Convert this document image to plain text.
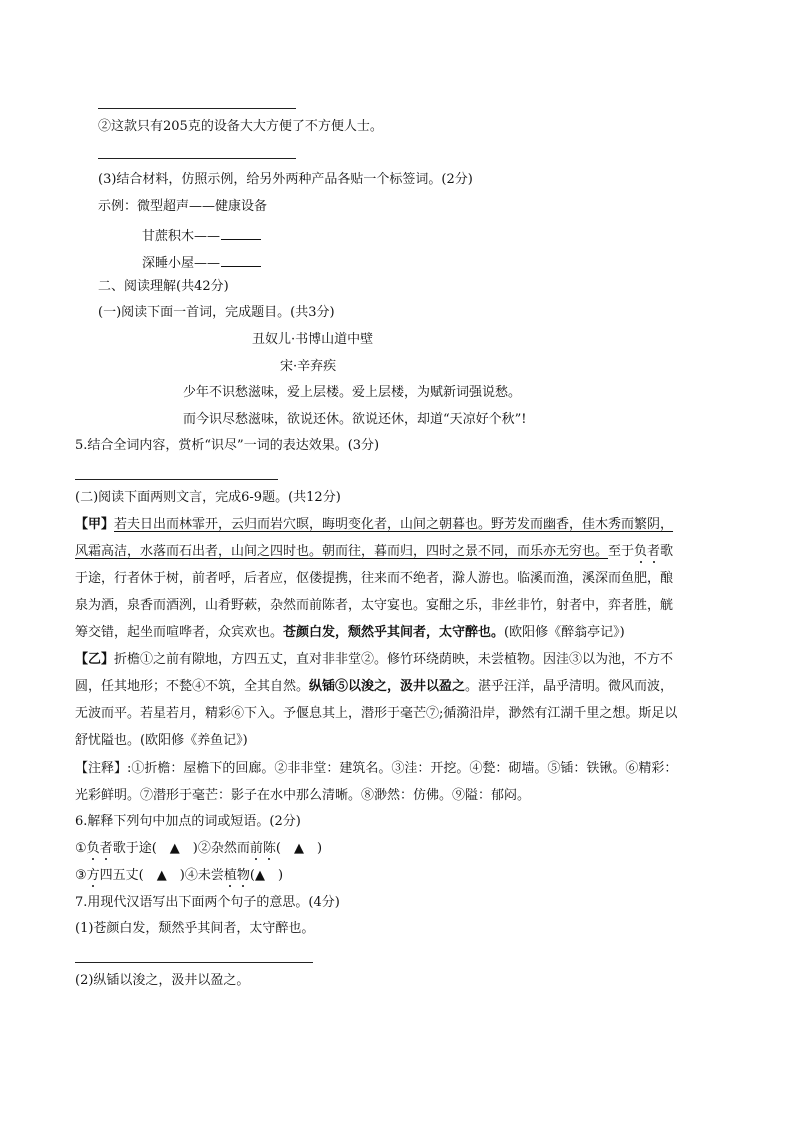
②这款只有205克的设备大大方便了不方便人士。
(3)结合材料，仿照示例，给另外两种产品各贴一个标签词。(2分)
示例：微型超声——健康设备
甘蔗积木——
深睡小屋——
二、阅读理解(共42分)
(一)阅读下面一首词，完成题目。(共3分)
丑奴儿·书博山道中壁
宋·辛弃疾
少年不识愁滋味，爱上层楼。爱上层楼，为赋新词强说愁。
而今识尽愁滋味，欲说还休。欲说还休，却道“天凉好个秋”!
5.结合全词内容，赏析“识尽”一词的表达效果。(3分)
(二)阅读下面两则文言，完成6-9题。(共12分)
【甲】若夫日出而林霏开，云归而岩穴暝，晦明变化者，山间之朝暮也。野芳发而幽香，佳木秀而繁阴，
风霜高洁，水落而石出者，山间之四时也。朝而往，暮而归，四时之景不同，而乐亦无穷也。至于负者歌
于途，行者休于树，前者呼，后者应，伛偻提携，往来而不绝者，滁人游也。临溪而渔，溪深而鱼肥，酿
泉为酒，泉香而酒洌，山肴野蔌，杂然而前陈者，太守宴也。宴酣之乐，非丝非竹，射者中，弈者胜，觥
筹交错，起坐而喧哗者，众宾欢也。苍颜白发，颓然乎其间者，太守醉也。(欧阳修《醉翁亭记》)
【乙】折檐①之前有隙地，方四五丈，直对非非堂②。修竹环绕荫映，未尝植物。因洼③以为池，不方不
圆，任其地形；不甃④不筑，全其自然。纵锸⑤以浚之，汲井以盈之。湛乎汪洋，晶乎清明。微风而波，
无波而平。若星若月，精彩⑥下入。予偃息其上，潜形于毫芒⑦;循漪沿岸，渺然有江湖千里之想。斯足以
舒忧隘也。(欧阳修《养鱼记》)
【注释】:①折檐：屋檐下的回廊。②非非堂：建筑名。③洼：开挖。④甃：砌墙。⑤锸：铁锹。⑥精彩：
光彩鲜明。⑦潜形于毫芒：影子在水中那么清晰。⑧渺然：仿佛。⑨隘：郁闷。
6.解释下列句中加点的词或短语。(2分)
①负者歌于途(　▲　)②杂然而前陈(　▲　)
③方四五丈(　▲　)④未尝植物(▲　)
7.用现代汉语写出下面两个句子的意思。(4分)
(1)苍颜白发，颓然乎其间者，太守醉也。
(2)纵锸以浚之，汲井以盈之。
